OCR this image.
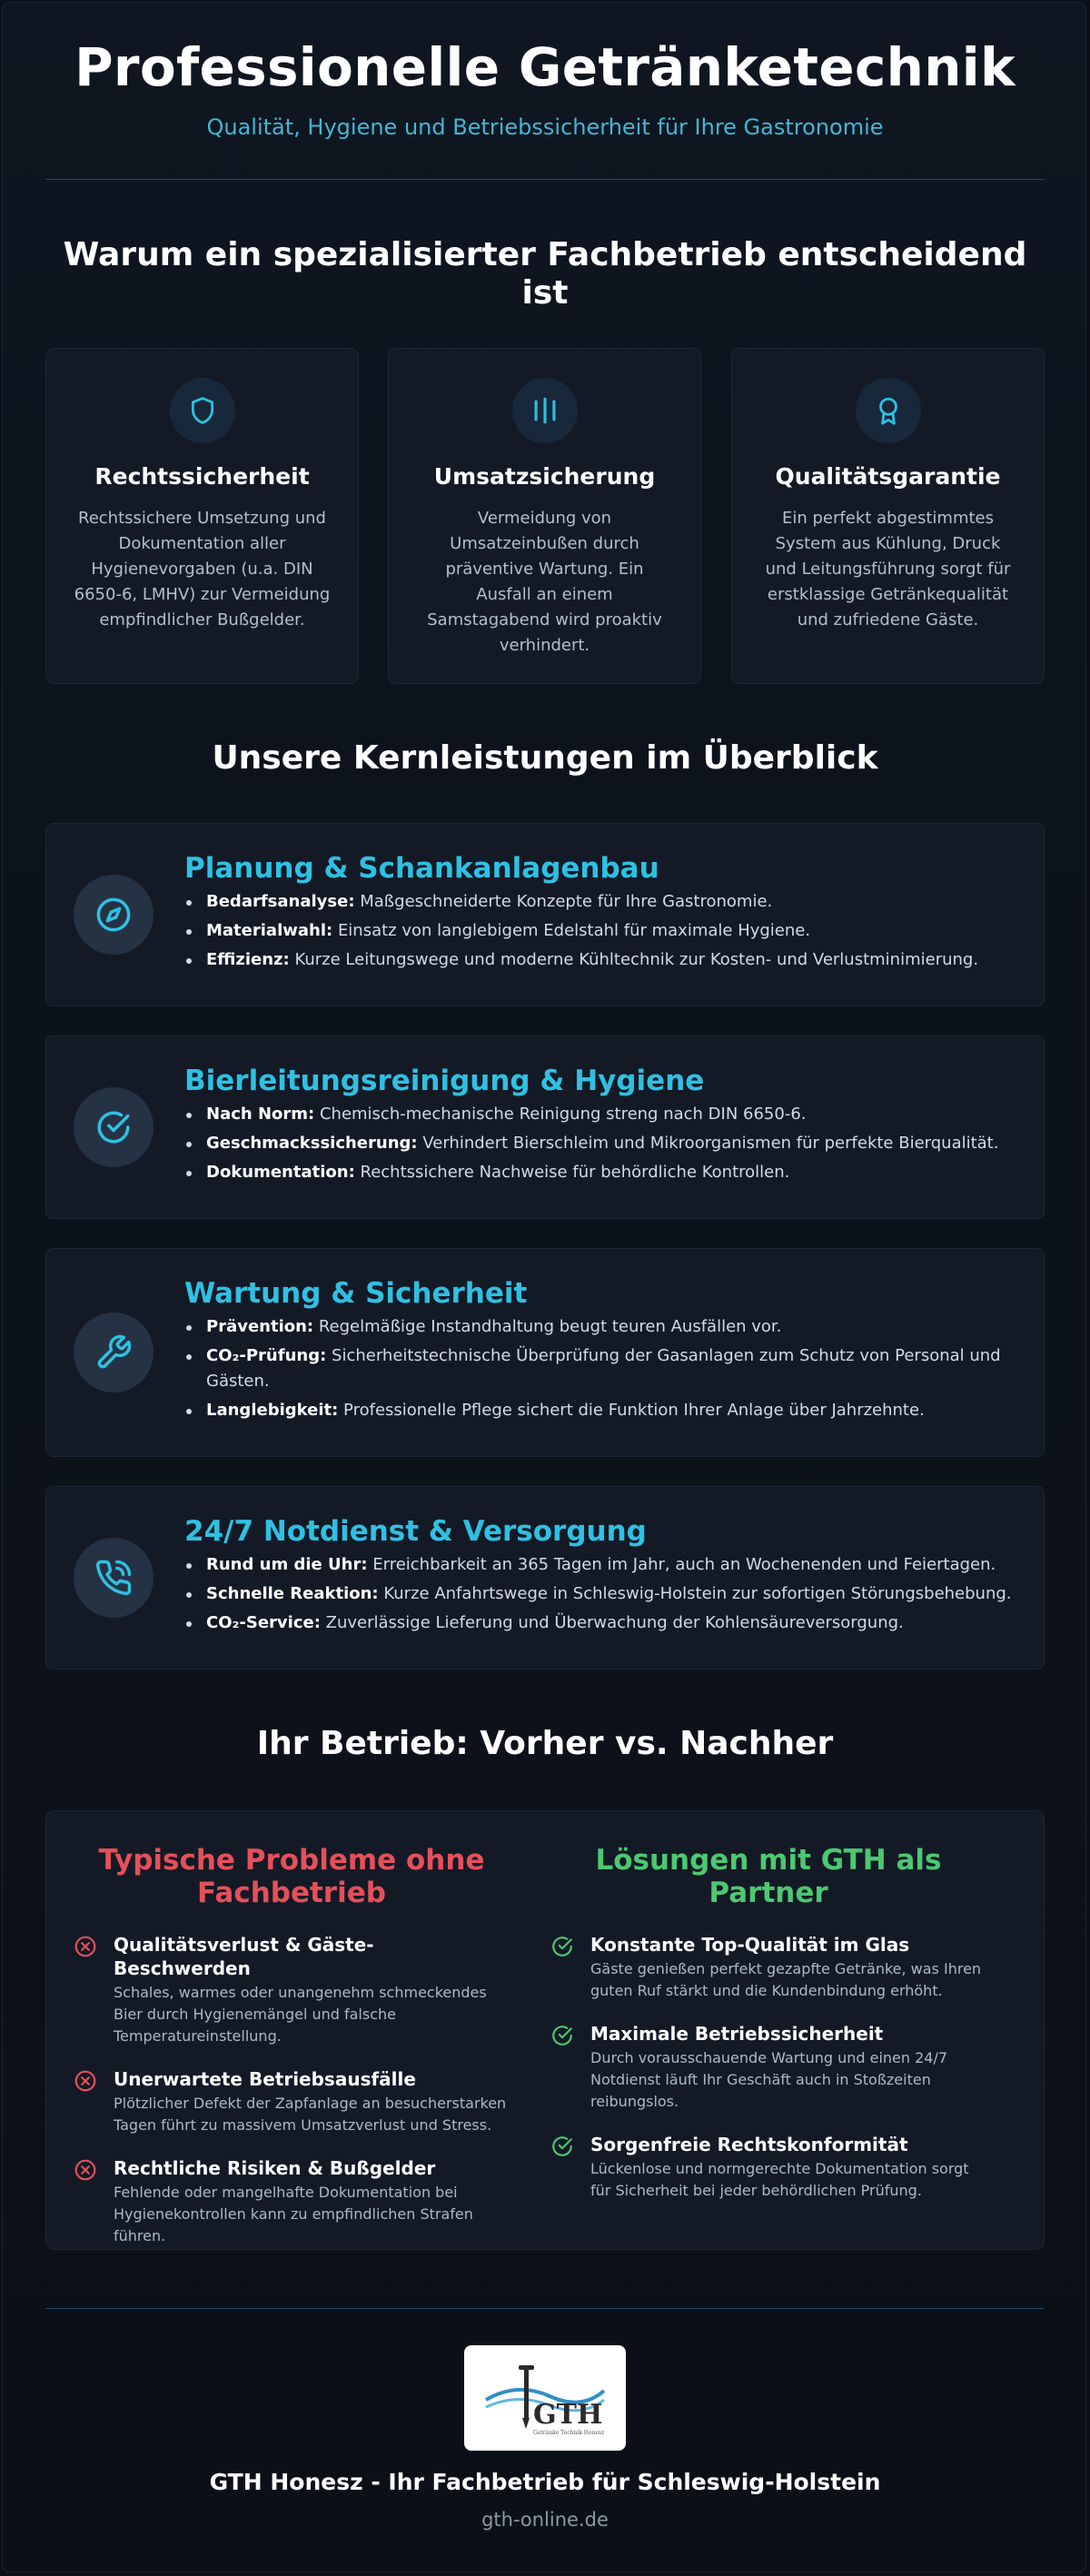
Professionelle Getränketechnik
Qualität, Hygiene und Betriebssicherheit für Ihre Gastronomie
Warum ein spezialisierter Fachbetrieb entscheidend ist
Rechtssicherheit
Rechtssichere Umsetzung und Dokumentation aller Hygienevorgaben (u.a. DIN 6650-6, LMHV) zur Vermeidung empfindlicher Bußgelder.
Umsatzsicherung
Vermeidung von Umsatzeinbußen durch präventive Wartung. Ein Ausfall an einem Samstagabend wird proaktiv verhindert.
Qualitätsgarantie
Ein perfekt abgestimmtes System aus Kühlung, Druck und Leitungsführung sorgt für erstklassige Getränkequalität und zufriedene Gäste.
Unsere Kernleistungen im Überblick
Planung & Schankanlagenbau
Bedarfsanalyse: Maßgeschneiderte Konzepte für Ihre Gastronomie.
Materialwahl: Einsatz von langlebigem Edelstahl für maximale Hygiene.
Effizienz: Kurze Leitungswege und moderne Kühltechnik zur Kosten- und Verlustminimierung.
Bierleitungsreinigung & Hygiene
Nach Norm: Chemisch-mechanische Reinigung streng nach DIN 6650-6.
Geschmackssicherung: Verhindert Bierschleim und Mikroorganismen für perfekte Bierqualität.
Dokumentation: Rechtssichere Nachweise für behördliche Kontrollen.
Wartung & Sicherheit
Prävention: Regelmäßige Instandhaltung beugt teuren Ausfällen vor.
CO₂-Prüfung: Sicherheitstechnische Überprüfung der Gasanlagen zum Schutz von Personal und Gästen.
Langlebigkeit: Professionelle Pflege sichert die Funktion Ihrer Anlage über Jahrzehnte.
24/7 Notdienst & Versorgung
Rund um die Uhr: Erreichbarkeit an 365 Tagen im Jahr, auch an Wochenenden und Feiertagen.
Schnelle Reaktion: Kurze Anfahrtswege in Schleswig-Holstein zur sofortigen Störungsbehebung.
CO₂-Service: Zuverlässige Lieferung und Überwachung der Kohlensäureversorgung.
Ihr Betrieb: Vorher vs. Nachher
Typische Probleme ohne Fachbetrieb
Qualitätsverlust & Gäste-Beschwerden
Schales, warmes oder unangenehm schmeckendes Bier durch Hygienemängel und falsche Temperatureinstellung.
Unerwartete Betriebsausfälle
Plötzlicher Defekt der Zapfanlage an besucherstarken Tagen führt zu massivem Umsatzverlust und Stress.
Rechtliche Risiken & Bußgelder
Fehlende oder mangelhafte Dokumentation bei Hygienekontrollen kann zu empfindlichen Strafen führen.
Lösungen mit GTH als Partner
Konstante Top-Qualität im Glas
Gäste genießen perfekt gezapfte Getränke, was Ihren guten Ruf stärkt und die Kundenbindung erhöht.
Maximale Betriebssicherheit
Durch vorausschauende Wartung und einen 24/7 Notdienst läuft Ihr Geschäft auch in Stoßzeiten reibungslos.
Sorgenfreie Rechtskonformität
Lückenlose und normgerechte Dokumentation sorgt für Sicherheit bei jeder behördlichen Prüfung.
GTH
Getränke Technik Honesz
GTH Honesz - Ihr Fachbetrieb für Schleswig-Holstein
gth-online.de
